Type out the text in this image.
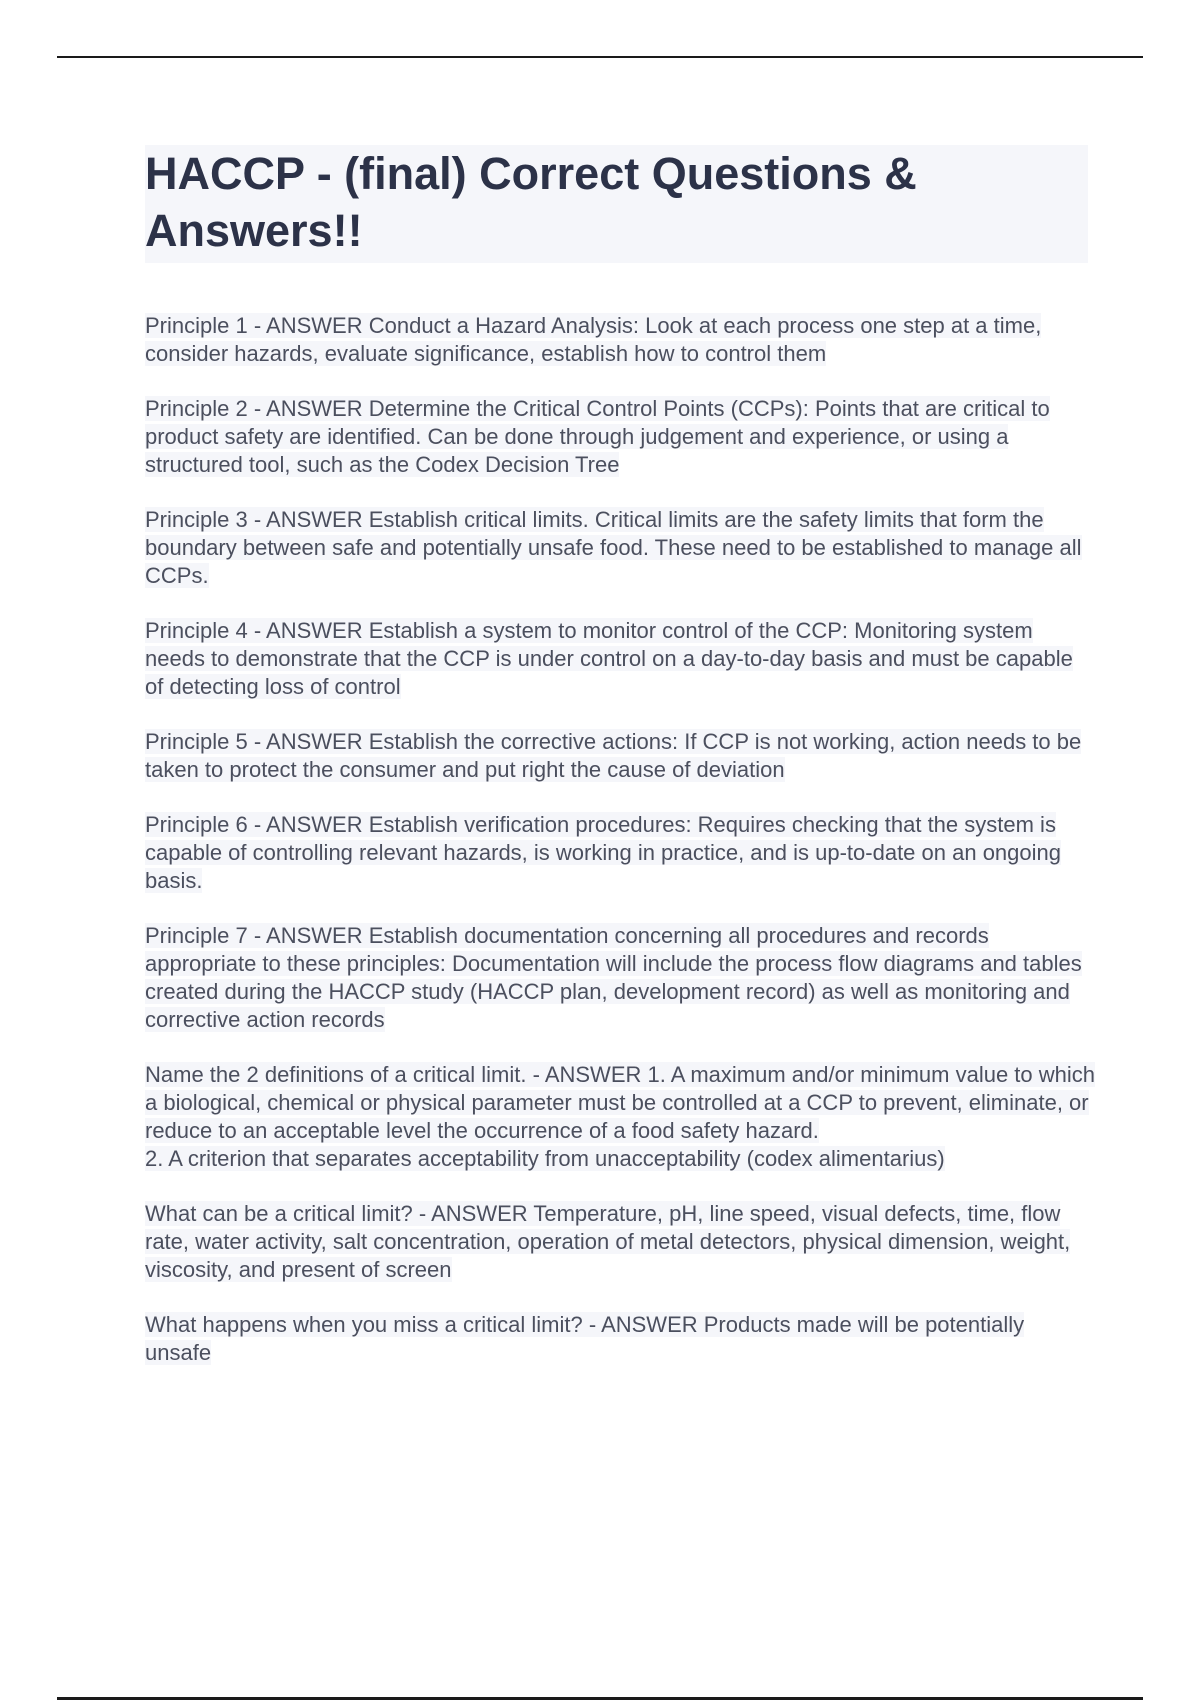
HACCP - (final) Correct Questions & Answers!!

Principle 1 - ANSWER Conduct a Hazard Analysis: Look at each process one step at a time, consider hazards, evaluate significance, establish how to control them

Principle 2 - ANSWER Determine the Critical Control Points (CCPs): Points that are critical to product safety are identified. Can be done through judgement and experience, or using a structured tool, such as the Codex Decision Tree

Principle 3 - ANSWER Establish critical limits. Critical limits are the safety limits that form the boundary between safe and potentially unsafe food. These need to be established to manage all CCPs.

Principle 4 - ANSWER Establish a system to monitor control of the CCP: Monitoring system needs to demonstrate that the CCP is under control on a day-to-day basis and must be capable of detecting loss of control

Principle 5 - ANSWER Establish the corrective actions: If CCP is not working, action needs to be taken to protect the consumer and put right the cause of deviation

Principle 6 - ANSWER Establish verification procedures: Requires checking that the system is capable of controlling relevant hazards, is working in practice, and is up-to-date on an ongoing basis.

Principle 7 - ANSWER Establish documentation concerning all procedures and records appropriate to these principles: Documentation will include the process flow diagrams and tables created during the HACCP study (HACCP plan, development record) as well as monitoring and corrective action records

Name the 2 definitions of a critical limit. - ANSWER 1. A maximum and/or minimum value to which a biological, chemical or physical parameter must be controlled at a CCP to prevent, eliminate, or reduce to an acceptable level the occurrence of a food safety hazard.
2. A criterion that separates acceptability from unacceptability (codex alimentarius)

What can be a critical limit? - ANSWER Temperature, pH, line speed, visual defects, time, flow rate, water activity, salt concentration, operation of metal detectors, physical dimension, weight, viscosity, and present of screen

What happens when you miss a critical limit? - ANSWER Products made will be potentially unsafe
